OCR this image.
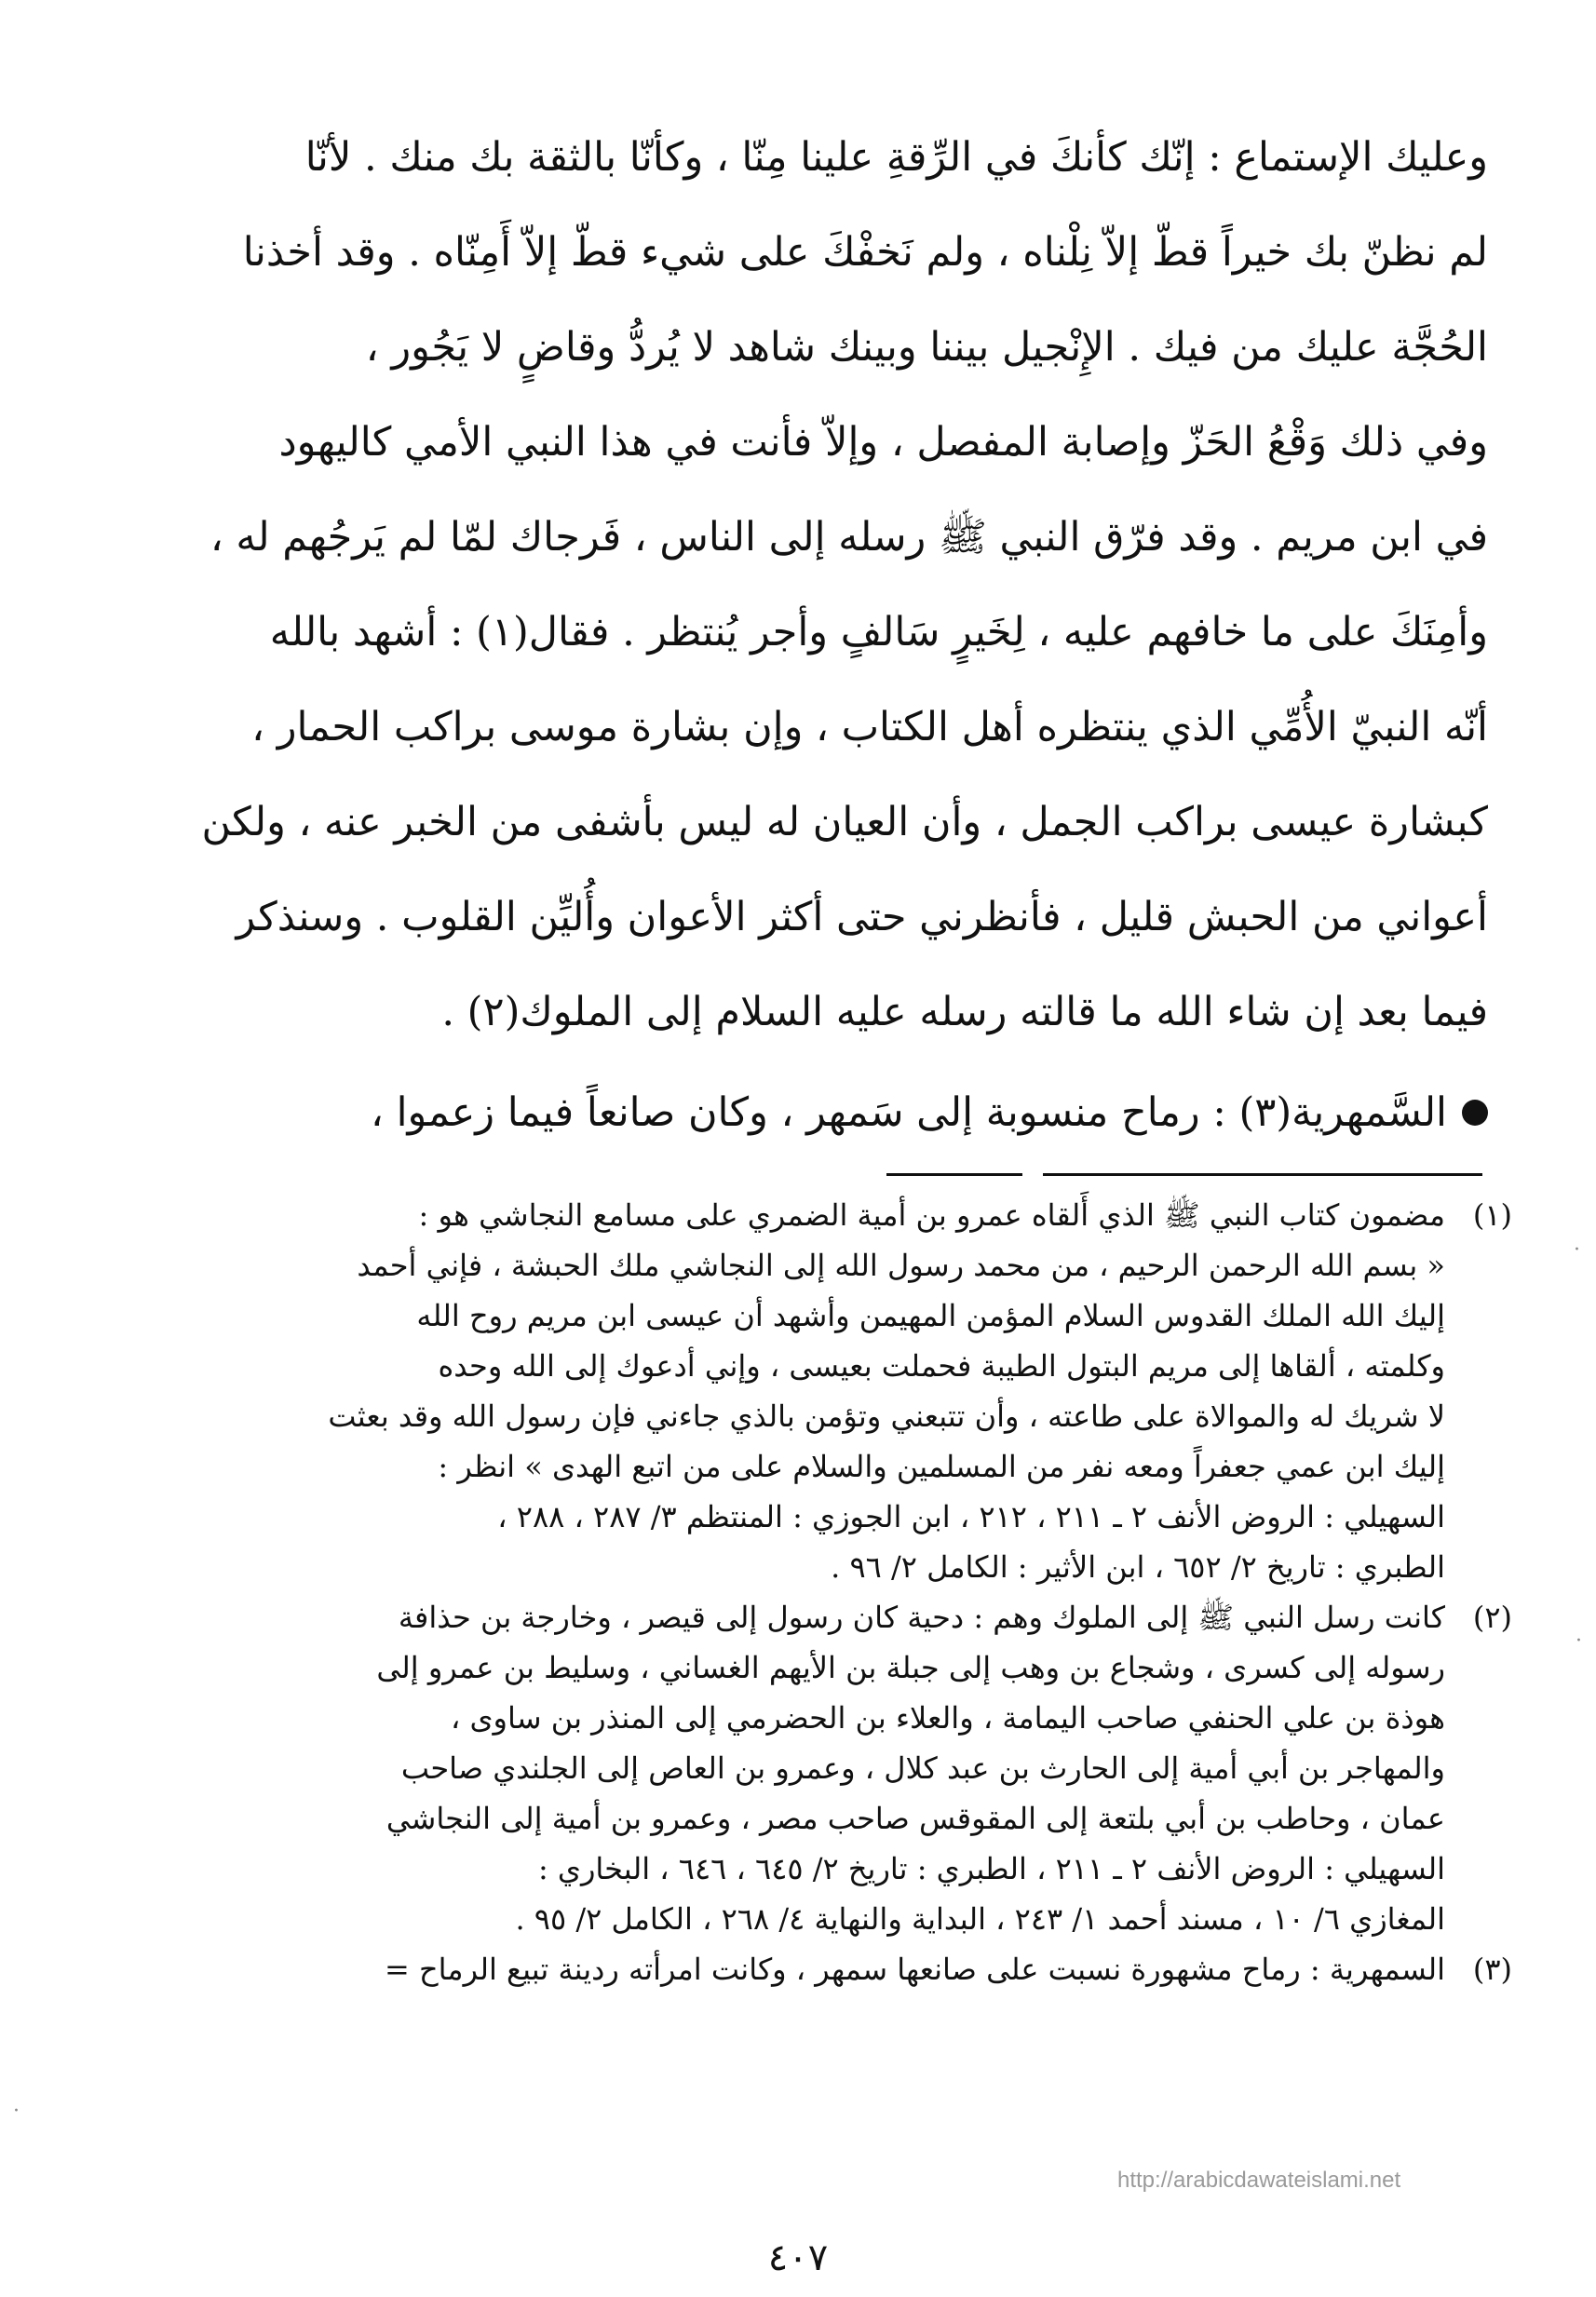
وعليك الإستماع : إنّك كأنكَ في الرِّقةِ علينا مِنّا ، وكأنّا بالثقة بك منك . لأنّا
لم نظنّ بك خيراً قطّ إلاّ نِلْناه ، ولم نَخفْكَ على شيء قطّ إلاّ أَمِنّاه . وقد أخذنا
الحُجَّة عليك من فيك . الإِنْجيل بيننا وبينك شاهد لا يُردُّ وقاضٍ لا يَجُور ،
وفي ذلك وَقْعُ الحَزّ وإصابة المفصل ، وإلاّ فأنت في هذا النبي الأمي كاليهود
في ابن مريم . وقد فرّق النبي ﷺ رسله إلى الناس ، فَرجاك لمّا لم يَرجُهم له ،
وأمِنَكَ على ما خافهم عليه ، لِخَيرٍ سَالفٍ وأجر يُنتظر . فقال(١) : أشهد بالله
أنّه النبيّ الأُمِّي الذي ينتظره أهل الكتاب ، وإن بشارة موسى براكب الحمار ،
كبشارة عيسى براكب الجمل ، وأن العيان له ليس بأشفى من الخبر عنه ، ولكن
أعواني من الحبش قليل ، فأنظرني حتى أكثر الأعوان وأُليِّن القلوب . وسنذكر
فيما بعد إن شاء الله ما قالته رسله عليه السلام إلى الملوك(٢) .
السَّمهرية(٣) : رماح منسوبة إلى سَمهر ، وكان صانعاً فيما زعموا ،
(١)
مضمون كتاب النبي ﷺ الذي أَلقاه عمرو بن أمية الضمري على مسامع النجاشي هو :
« بسم الله الرحمن الرحيم ، من محمد رسول الله إلى النجاشي ملك الحبشة ، فإني أحمد
إليك الله الملك القدوس السلام المؤمن المهيمن وأشهد أن عيسى ابن مريم روح الله
وكلمته ، ألقاها إلى مريم البتول الطيبة فحملت بعيسى ، وإني أدعوك إلى الله وحده
لا شريك له والموالاة على طاعته ، وأن تتبعني وتؤمن بالذي جاءني فإن رسول الله وقد بعثت
إليك ابن عمي جعفراً ومعه نفر من المسلمين والسلام على من اتبع الهدى » انظر :
السهيلي : الروض الأنف ٢ ـ ٢١١ ، ٢١٢ ، ابن الجوزي : المنتظم ٣/ ٢٨٧ ، ٢٨٨ ،
الطبري : تاريخ ٢/ ٦٥٢ ، ابن الأثير : الكامل ٢/ ٩٦ .
(٢)
كانت رسل النبي ﷺ إلى الملوك وهم : دحية كان رسول إلى قيصر ، وخارجة بن حذافة
رسوله إلى كسرى ، وشجاع بن وهب إلى جبلة بن الأيهم الغساني ، وسليط بن عمرو إلى
هوذة بن علي الحنفي صاحب اليمامة ، والعلاء بن الحضرمي إلى المنذر بن ساوى ،
والمهاجر بن أبي أمية إلى الحارث بن عبد كلال ، وعمرو بن العاص إلى الجلندي صاحب
عمان ، وحاطب بن أبي بلتعة إلى المقوقس صاحب مصر ، وعمرو بن أمية إلى النجاشي
السهيلي : الروض الأنف ٢ ـ ٢١١ ، الطبري : تاريخ ٢/ ٦٤٥ ، ٦٤٦ ، البخاري :
المغازي ٦/ ١٠ ، مسند أحمد ١/ ٢٤٣ ، البداية والنهاية ٤/ ٢٦٨ ، الكامل ٢/ ٩٥ .
(٣)
السمهرية : رماح مشهورة نسبت على صانعها سمهر ، وكانت امرأته ردينة تبيع الرماح =
http://arabicdawateislami.net
٤٠٧
·
·
·
